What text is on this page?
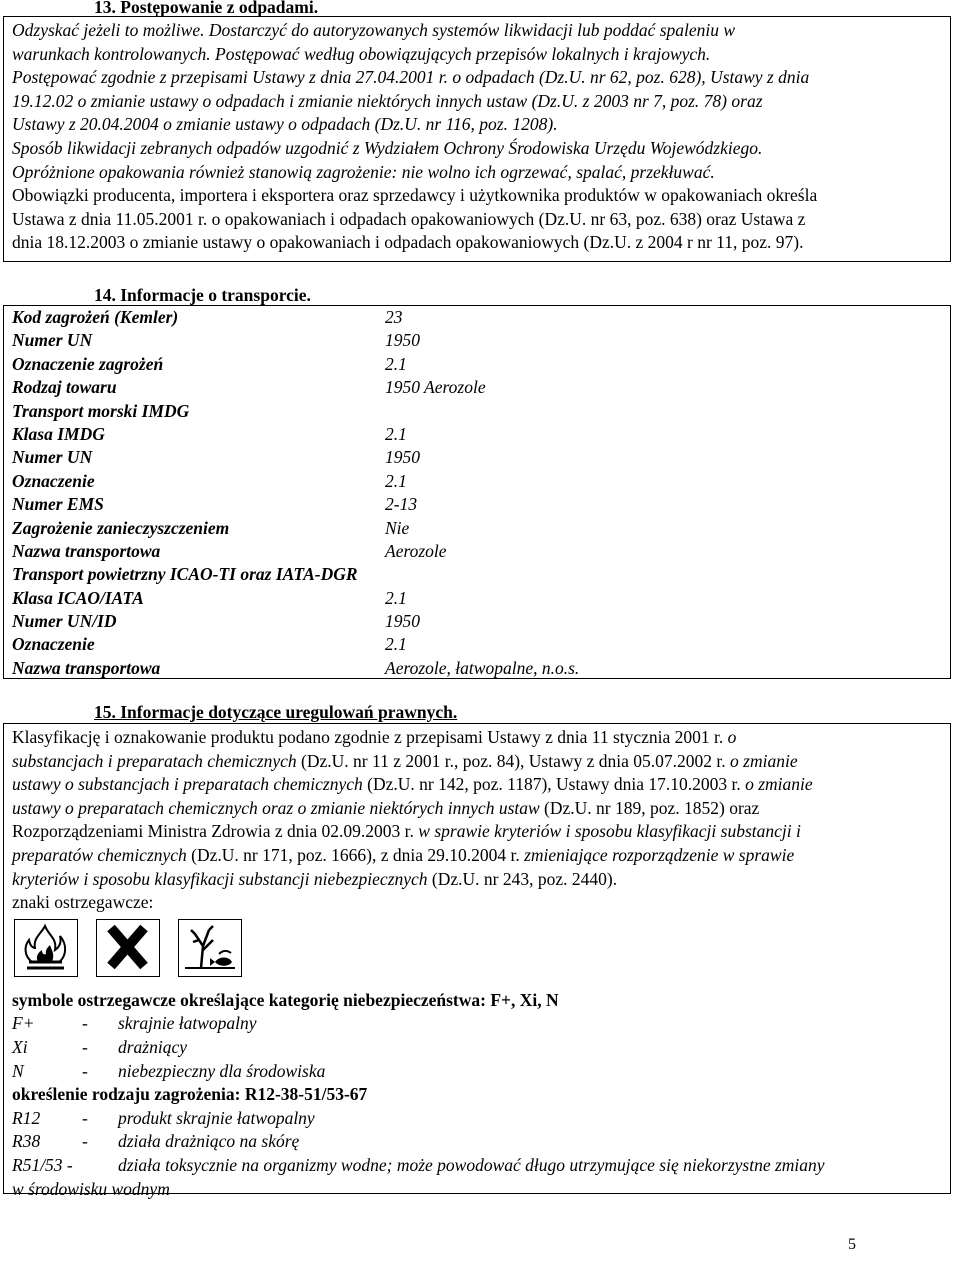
13. Postępowanie z odpadami.
Odzyskać jeżeli to możliwe. Dostarczyć do autoryzowanych systemów likwidacji lub poddać spaleniu w
warunkach kontrolowanych. Postępować według obowiązujących przepisów lokalnych i krajowych.
Postępować zgodnie z przepisami Ustawy z dnia 27.04.2001 r. o odpadach (Dz.U. nr 62, poz. 628), Ustawy z dnia
19.12.02 o zmianie ustawy o odpadach i zmianie niektórych innych ustaw (Dz.U. z 2003 nr 7, poz. 78) oraz
Ustawy z 20.04.2004 o zmianie ustawy o odpadach (Dz.U. nr 116, poz. 1208).
Sposób likwidacji zebranych odpadów uzgodnić z Wydziałem Ochrony Środowiska Urzędu Wojewódzkiego.
Opróżnione opakowania również stanowią zagrożenie: nie wolno ich ogrzewać, spalać, przekłuwać.
Obowiązki producenta, importera i eksportera oraz sprzedawcy i użytkownika produktów w opakowaniach określa
Ustawa z dnia 11.05.2001 r. o opakowaniach i odpadach opakowaniowych (Dz.U. nr 63, poz. 638) oraz Ustawa z
dnia 18.12.2003 o zmianie ustawy o opakowaniach i odpadach opakowaniowych (Dz.U. z 2004 r nr 11, poz. 97).
14. Informacje o transporcie.
Kod zagrożeń (Kemler)	23
Numer UN	1950
Oznaczenie zagrożeń	2.1
Rodzaj towaru	1950 Aerozole
Transport morski IMDG
Klasa IMDG	2.1
Numer UN	1950
Oznaczenie	2.1
Numer EMS	2-13
Zagrożenie zanieczyszczeniem	Nie
Nazwa transportowa	Aerozole
Transport powietrzny ICAO-TI oraz IATA-DGR
Klasa ICAO/IATA	2.1
Numer UN/ID	1950
Oznaczenie	2.1
Nazwa transportowa	Aerozole, łatwopalne, n.o.s.
15. Informacje dotyczące uregulowań prawnych.
Klasyfikację i oznakowanie produktu podano zgodnie z przepisami Ustawy z dnia 11 stycznia 2001 r. o
substancjach i preparatach chemicznych (Dz.U. nr 11 z 2001 r., poz. 84), Ustawy z dnia 05.07.2002 r. o zmianie
ustawy o substancjach i preparatach chemicznych (Dz.U. nr 142, poz. 1187), Ustawy dnia 17.10.2003 r. o zmianie
ustawy o preparatach chemicznych oraz o zmianie niektórych innych ustaw (Dz.U. nr 189, poz. 1852) oraz
Rozporządzeniami Ministra Zdrowia z dnia 02.09.2003 r. w sprawie kryteriów i sposobu klasyfikacji substancji i
preparatów chemicznych (Dz.U. nr 171, poz. 1666), z dnia 29.10.2004 r. zmieniające rozporządzenie w sprawie
kryteriów i sposobu klasyfikacji substancji niebezpiecznych (Dz.U. nr 243, poz. 2440).
znaki ostrzegawcze:
symbole ostrzegawcze określające kategorię niebezpieczeństwa: F+, Xi, N
F+	- skrajnie łatwopalny
Xi	- drażniący
N	- niebezpieczny dla środowiska
określenie rodzaju zagrożenia: R12-38-51/53-67
R12 - produkt skrajnie łatwopalny
R38 - działa drażniąco na skórę
R51/53 -	działa toksycznie na organizmy wodne; może powodować długo utrzymujące się niekorzystne zmiany
w środowisku wodnym
5
